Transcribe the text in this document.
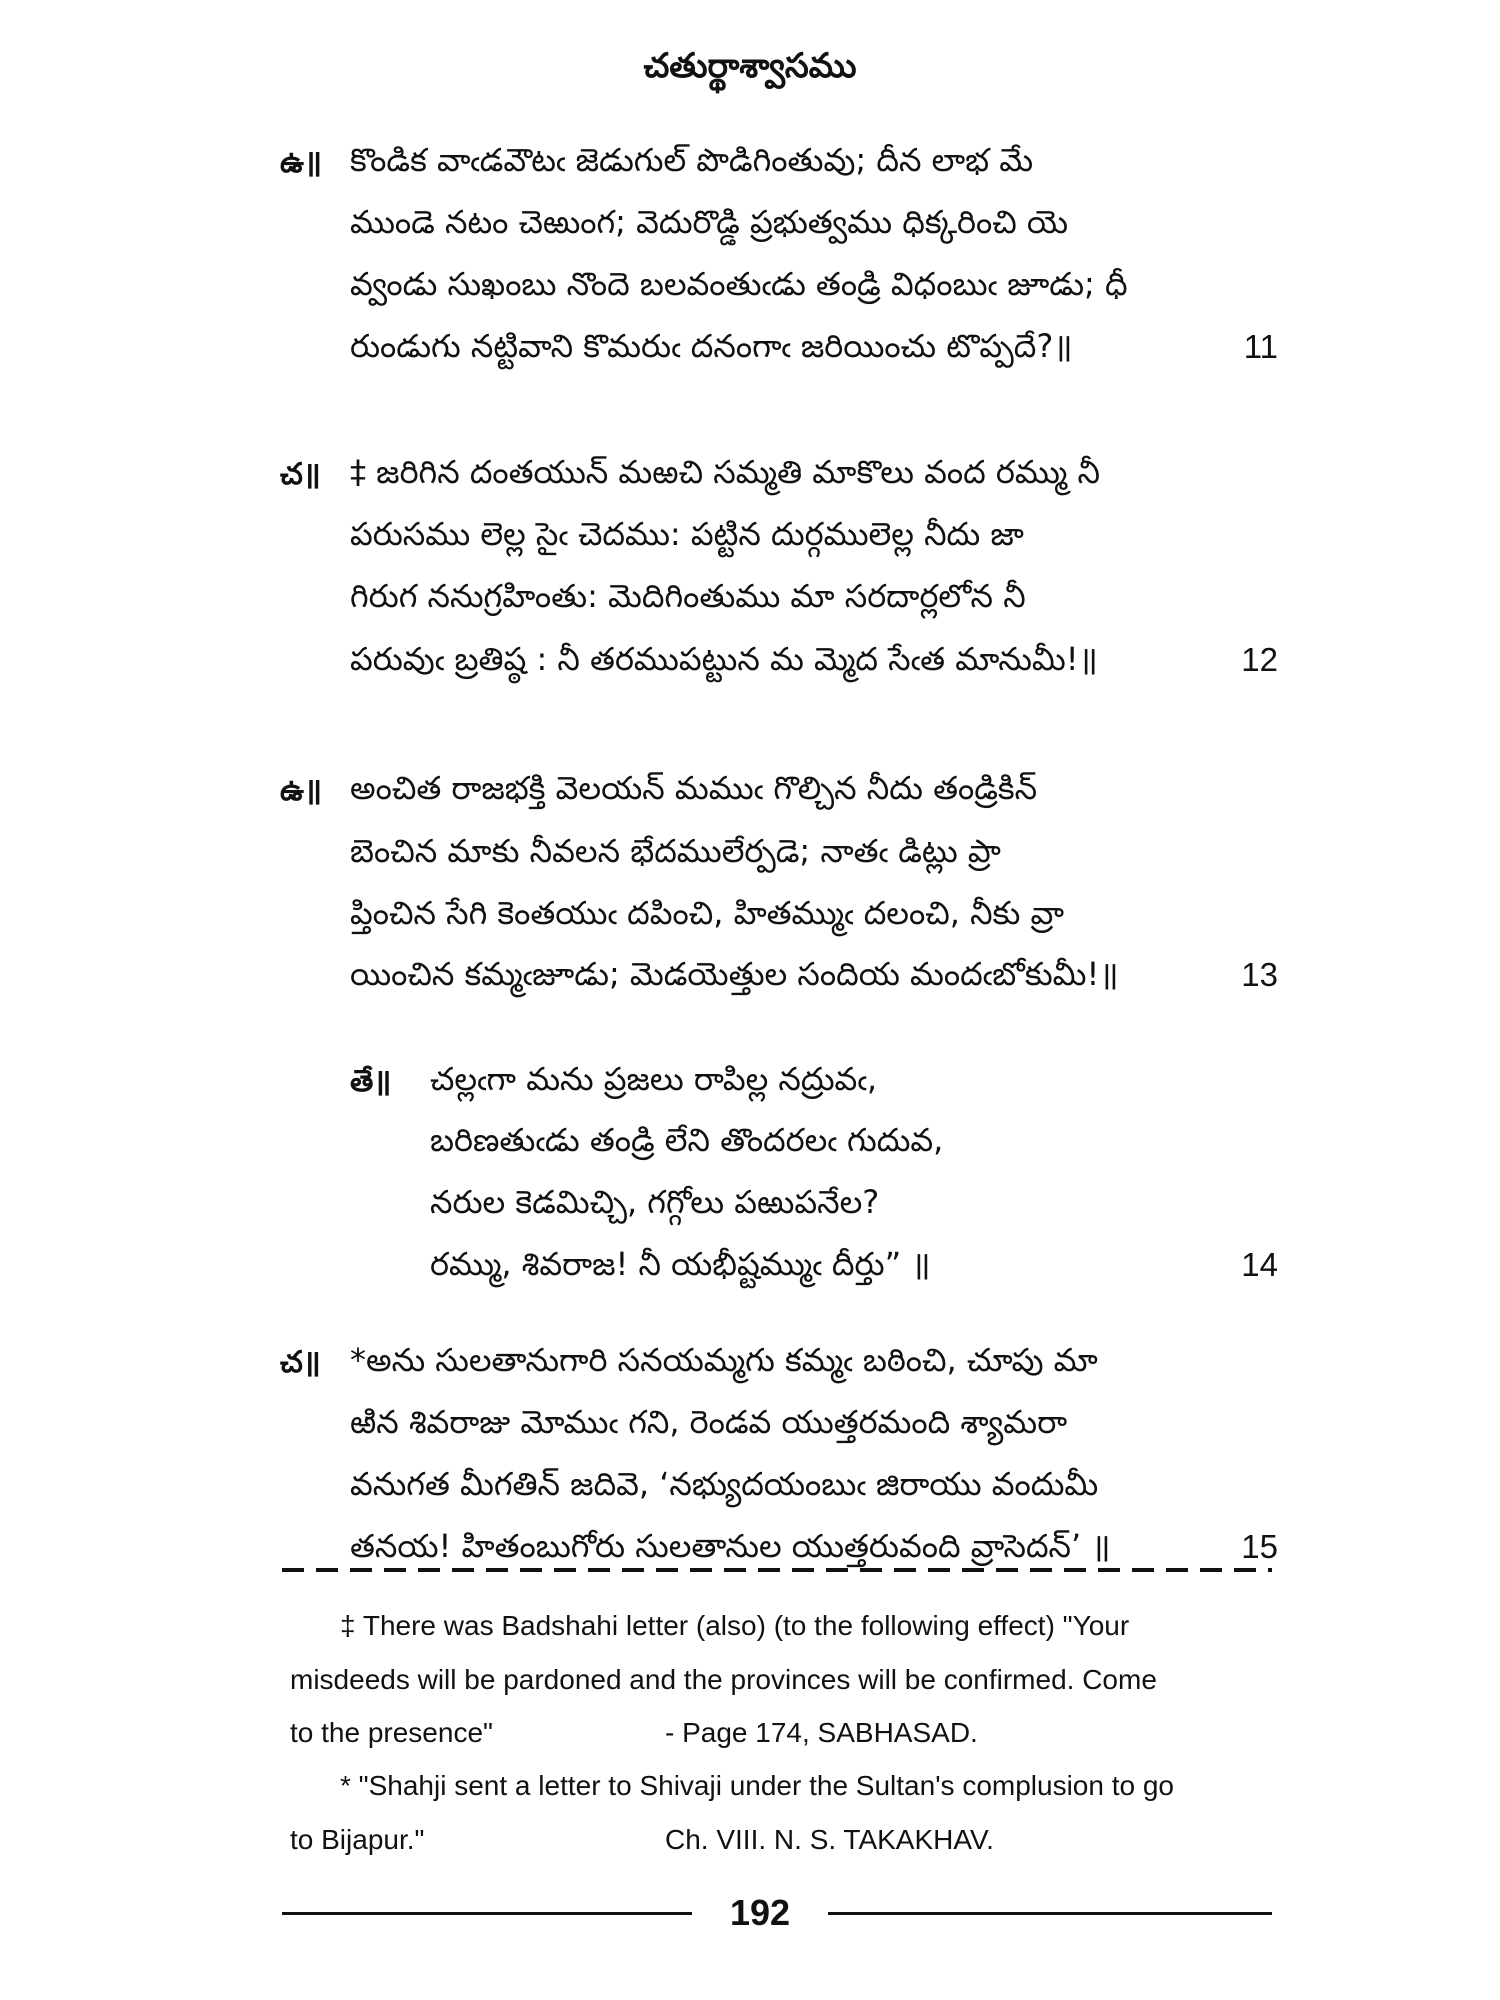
చతుర్థాశ్వాసము
ఉ॥ కొండిక వాఁడవౌటఁ జెడుగుల్ పొడిగింతువు; దీన లాభ మే
ముండె నటం చెఱుంగ; వెదురొడ్డి ప్రభుత్వము ధిక్కరించి యె
వ్వండు సుఖంబు నొందె బలవంతుఁడు తండ్రి విధంబుఁ జూడు; ధీ
రుండుగు నట్టివాని కొమరుఁ దనంగాఁ జరియించు టొప్పదే?॥	11
చ॥ ‡ జరిగిన దంతయున్ మఱచి సమ్మతి మాకొలు వంద రమ్ము నీ
పరుసము లెల్ల సైఁ చెదము: పట్టిన దుర్గములెల్ల నీదు జా
గిరుగ ననుగ్రహింతు: మెదిగింతుము మా సరదార్లలోన నీ
పరువుఁ బ్రతిష్ఠ : నీ తరముపట్టున మ మ్మెద సేఁత మానుమీ!॥	12
ఉ॥ అంచిత రాజభక్తి వెలయన్ మముఁ గొల్చిన నీదు తండ్రికిన్
బెంచిన మాకు నీవలన భేదములేర్పడె; నాతఁ డిట్లు ప్రా
ప్తించిన సేగి కెంతయుఁ దపించి, హితమ్ముఁ దలంచి, నీకు వ్రా
యించిన కమ్మఁజూడు; మెడయెత్తుల సందియ మందఁబోకుమీ!॥	13
తే॥ చల్లఁగా మను ప్రజలు రాపిల్ల నద్రువఁ,
బరిణతుఁడు తండ్రి లేని తొందరలఁ గుదువ,
నరుల కెడమిచ్చి, గగ్గోలు పఱుపనేల?
రమ్ము, శివరాజ! నీ యభీష్టమ్ముఁ దీర్తు” ॥	14
చ॥ *అను సులతానుగారి సనయమ్మగు కమ్మఁ బఠించి, చూపు మా
ఱిన శివరాజు మోముఁ గని, రెండవ యుత్తరమంది శ్యామరా
వనుగత మీగతిన్ జదివె, ‘నభ్యుదయంబుఁ జిరాయు వందుమీ
తనయ! హితంబుగోరు సులతానుల యుత్తరువంది వ్రాసెదన్’ ॥	15
‡ There was Badshahi letter (also) (to the following effect) "Your
misdeeds will be pardoned and the provinces will be confirmed. Come
to the presence"	- Page 174, SABHASAD.
* "Shahji sent a letter to Shivaji under the Sultan's complusion to go
to Bijapur."	Ch. VIII. N. S. TAKAKHAV.
192
